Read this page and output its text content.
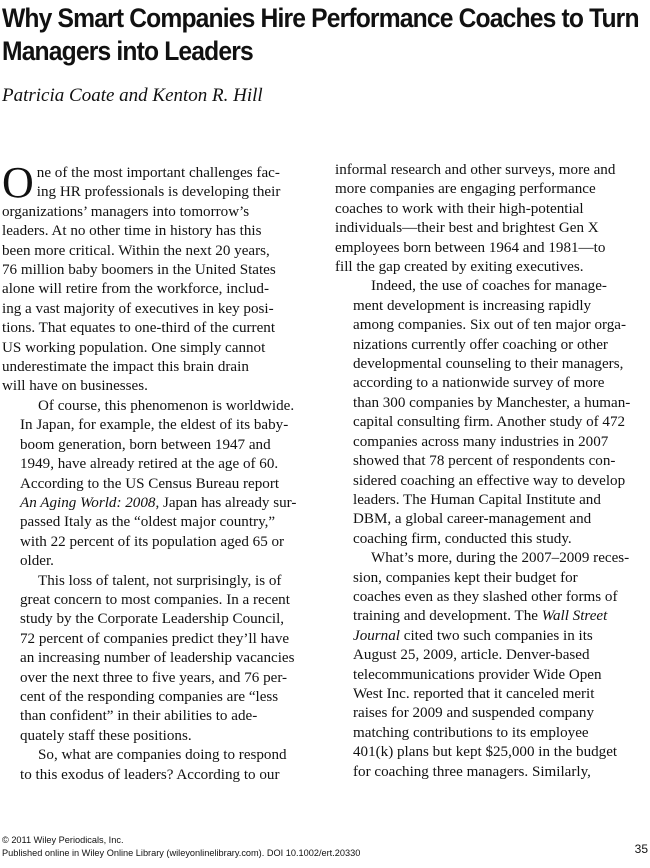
Why Smart Companies Hire Performance Coaches to Turn
Managers into Leaders

Patricia Coate and Kenton R. Hill

O ne of the most important challenges fac-
ing HR professionals is developing their
organizations’ managers into tomorrow’s
leaders. At no other time in history has this
been more critical. Within the next 20 years,
76 million baby boomers in the United States
alone will retire from the workforce, includ-
ing a vast majority of executives in key posi-
tions. That equates to one-third of the current
US working population. One simply cannot
underestimate the impact this brain drain
will have on businesses.

Of course, this phenomenon is worldwide.
In Japan, for example, the eldest of its baby-
boom generation, born between 1947 and
1949, have already retired at the age of 60.
According to the US Census Bureau report
An Aging World: 2008, Japan has already sur-
passed Italy as the “oldest major country,”
with 22 percent of its population aged 65 or
older.

This loss of talent, not surprisingly, is of
great concern to most companies. In a recent
study by the Corporate Leadership Council,
72 percent of companies predict they’ll have
an increasing number of leadership vacancies
over the next three to five years, and 76 per-
cent of the responding companies are “less
than confident” in their abilities to ade-
quately staff these positions.

So, what are companies doing to respond
to this exodus of leaders? According to our

informal research and other surveys, more and
more companies are engaging performance
coaches to work with their high-potential
individuals—their best and brightest Gen X
employees born between 1964 and 1981—to
fill the gap created by exiting executives.

Indeed, the use of coaches for manage-
ment development is increasing rapidly
among companies. Six out of ten major orga-
nizations currently offer coaching or other
developmental counseling to their managers,
according to a nationwide survey of more
than 300 companies by Manchester, a human-
capital consulting firm. Another study of 472
companies across many industries in 2007
showed that 78 percent of respondents con-
sidered coaching an effective way to develop
leaders. The Human Capital Institute and
DBM, a global career-management and
coaching firm, conducted this study.

What’s more, during the 2007–2009 reces-
sion, companies kept their budget for
coaches even as they slashed other forms of
training and development. The Wall Street
Journal cited two such companies in its
August 25, 2009, article. Denver-based
telecommunications provider Wide Open
West Inc. reported that it canceled merit
raises for 2009 and suspended company
matching contributions to its employee
401(k) plans but kept $25,000 in the budget
for coaching three managers. Similarly,

© 2011 Wiley Periodicals, Inc.
Published online in Wiley Online Library (wileyonlinelibrary.com). DOI 10.1002/ert.20330	35
